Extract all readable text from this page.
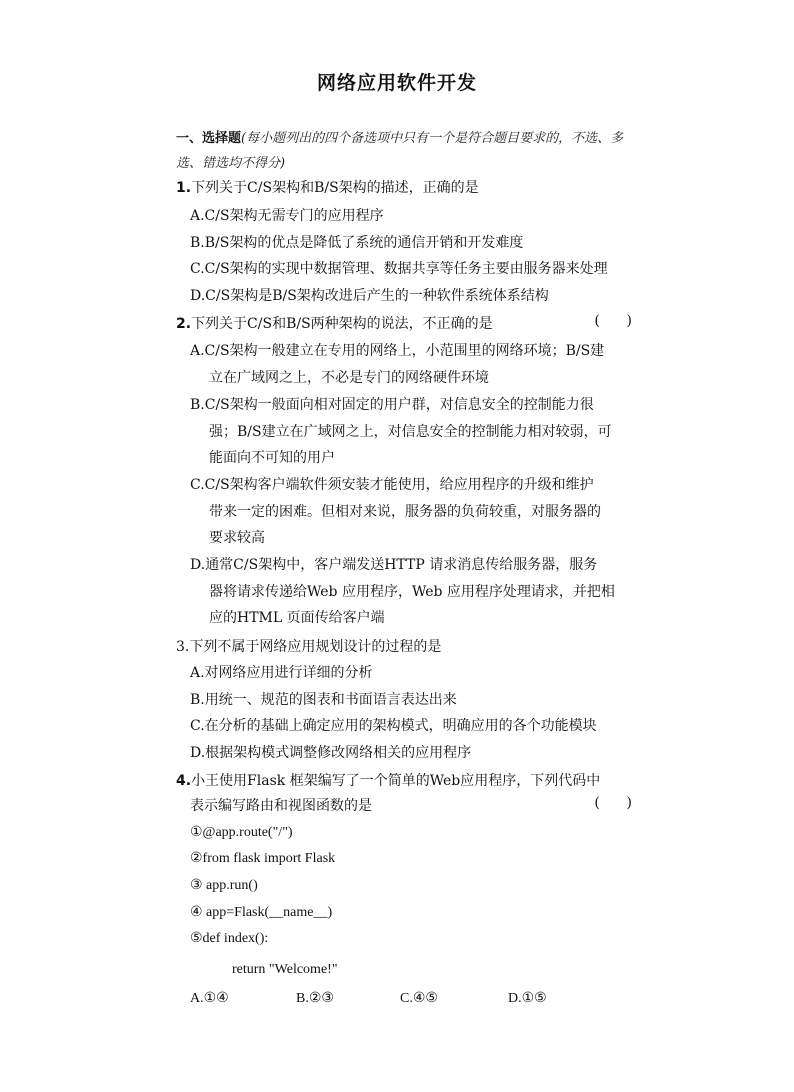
网络应用软件开发
一、选择题(每小题列出的四个备选项中只有一个是符合题目要求的，不选、多选、错选均不得分)
1.下列关于C/S架构和B/S架构的描述，正确的是
A.C/S架构无需专门的应用程序
B.B/S架构的优点是降低了系统的通信开销和开发难度
C.C/S架构的实现中数据管理、数据共享等任务主要由服务器来处理
D.C/S架构是B/S架构改进后产生的一种软件系统体系结构
2.下列关于C/S和B/S两种架构的说法，不正确的是	(      )
A.C/S架构一般建立在专用的网络上，小范围里的网络环境；B/S建
立在广域网之上，不必是专门的网络硬件环境
B.C/S架构一般面向相对固定的用户群，对信息安全的控制能力很
强；B/S建立在广域网之上，对信息安全的控制能力相对较弱，可
能面向不可知的用户
C.C/S架构客户端软件须安装才能使用，给应用程序的升级和维护
带来一定的困难。但相对来说，服务器的负荷较重，对服务器的
要求较高
D.通常C/S架构中，客户端发送HTTP 请求消息传给服务器，服务
器将请求传递给Web 应用程序，Web 应用程序处理请求，并把相
应的HTML 页面传给客户端
3.下列不属于网络应用规划设计的过程的是
A.对网络应用进行详细的分析
B.用统一、规范的图表和书面语言表达出来
C.在分析的基础上确定应用的架构模式，明确应用的各个功能模块
D.根据架构模式调整修改网络相关的应用程序
4.小王使用Flask 框架编写了一个简单的Web应用程序，下列代码中
表示编写路由和视图函数的是	(      )
①@app.route("/")
②from flask import Flask
③ app.run()
④ app=Flask(__name__)
⑤def index():
return "Welcome!"
A.①④	B.②③	C.④⑤	D.①⑤
